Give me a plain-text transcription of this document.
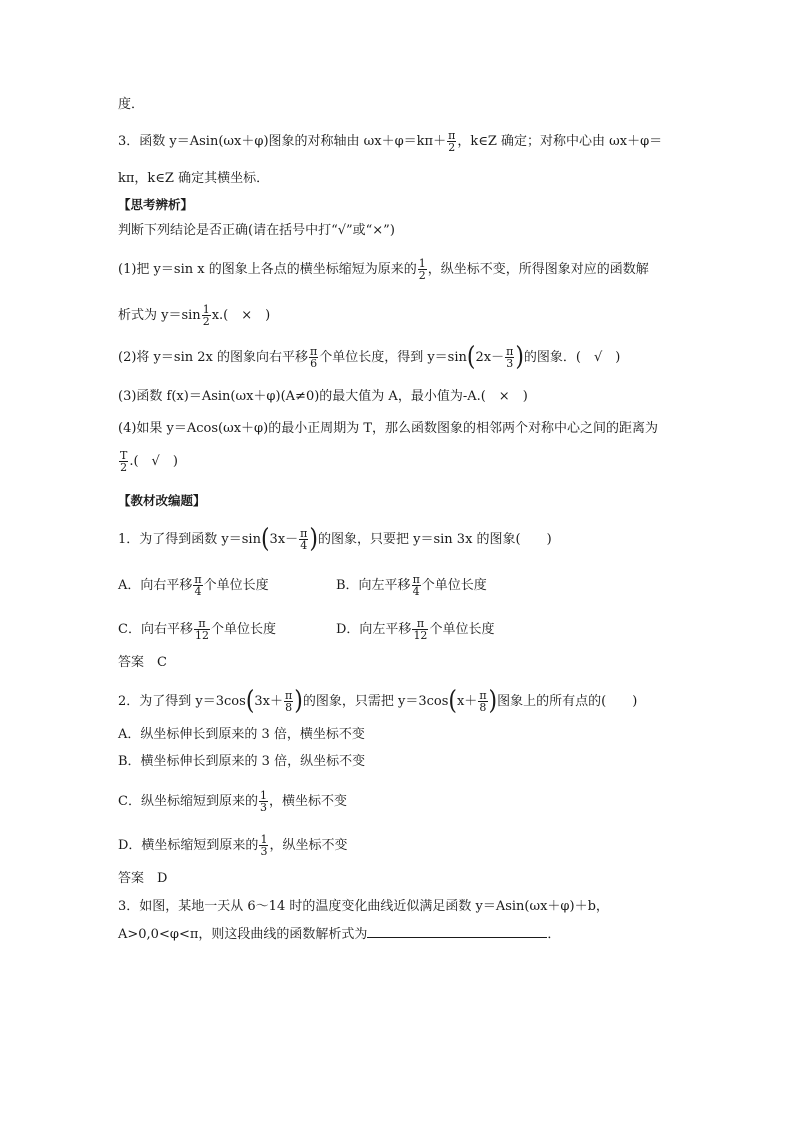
度．
3．函数 y＝Asin(ωx＋φ)图象的对称轴由 $\omega x+\varphi=k\pi+ \frac{\pi}{2}$ ，k∈Z 确定；对称中心由 ωx＋φ＝
kπ，k∈Z 确定其横坐标．
【思考辨析】
判断下列结论是否正确(请在括号中打“√”或“×”)
(1)把 y＝sin x 的图象上各点的横坐标缩短为原来的 $\frac{1}{2}$ ，纵坐标不变，所得图象对应的函数解
析式为 $y=\sin \frac{1}{2} x$.(　×　)
(2)将 y＝sin 2x 的图象向右平移 $\frac{\pi}{6}$ 个单位长度，得到 $y=\sin(2x- \frac{\pi}{3}$ )的图象．(　√　)
(3)函数 f(x)＝Asin(ωx＋φ)(A≠0)的最大值为 A，最小值为-A.(　×　)
(4)如果 y＝Acos(ωx＋φ)的最小正周期为 T，那么函数图象的相邻两个对称中心之间的距离为
$\frac{T}{2}$ .(　√　)
【教材改编题】
1．为了得到函数 $y=\sin(3x- \frac{\pi}{4}$ )的图象，只要把 y＝sin 3x 的图象(　　)
A．向右平移 $\frac{\pi}{4}$ 个单位长度	B．向左平移 $\frac{\pi}{4}$ 个单位长度
C．向右平移 $\frac{\pi}{12}$ 个单位长度	D．向左平移 $\frac{\pi}{12}$ 个单位长度
答案　C
2．为了得到 $y=3\cos(3x+ \frac{\pi}{8}$ )的图象，只需把 $y=3\cos(x+ \frac{\pi}{8}$ )图象上的所有点的(　　)
A．纵坐标伸长到原来的 3 倍，横坐标不变
B．横坐标伸长到原来的 3 倍，纵坐标不变
C．纵坐标缩短到原来的 $\frac{1}{3}$ ，横坐标不变
D．横坐标缩短到原来的 $\frac{1}{3}$ ，纵坐标不变
答案　D
3．如图，某地一天从 6～14 时的温度变化曲线近似满足函数 y＝Asin(ωx＋φ)＋b，
A>0,0<φ<π，则这段曲线的函数解析式为	．
